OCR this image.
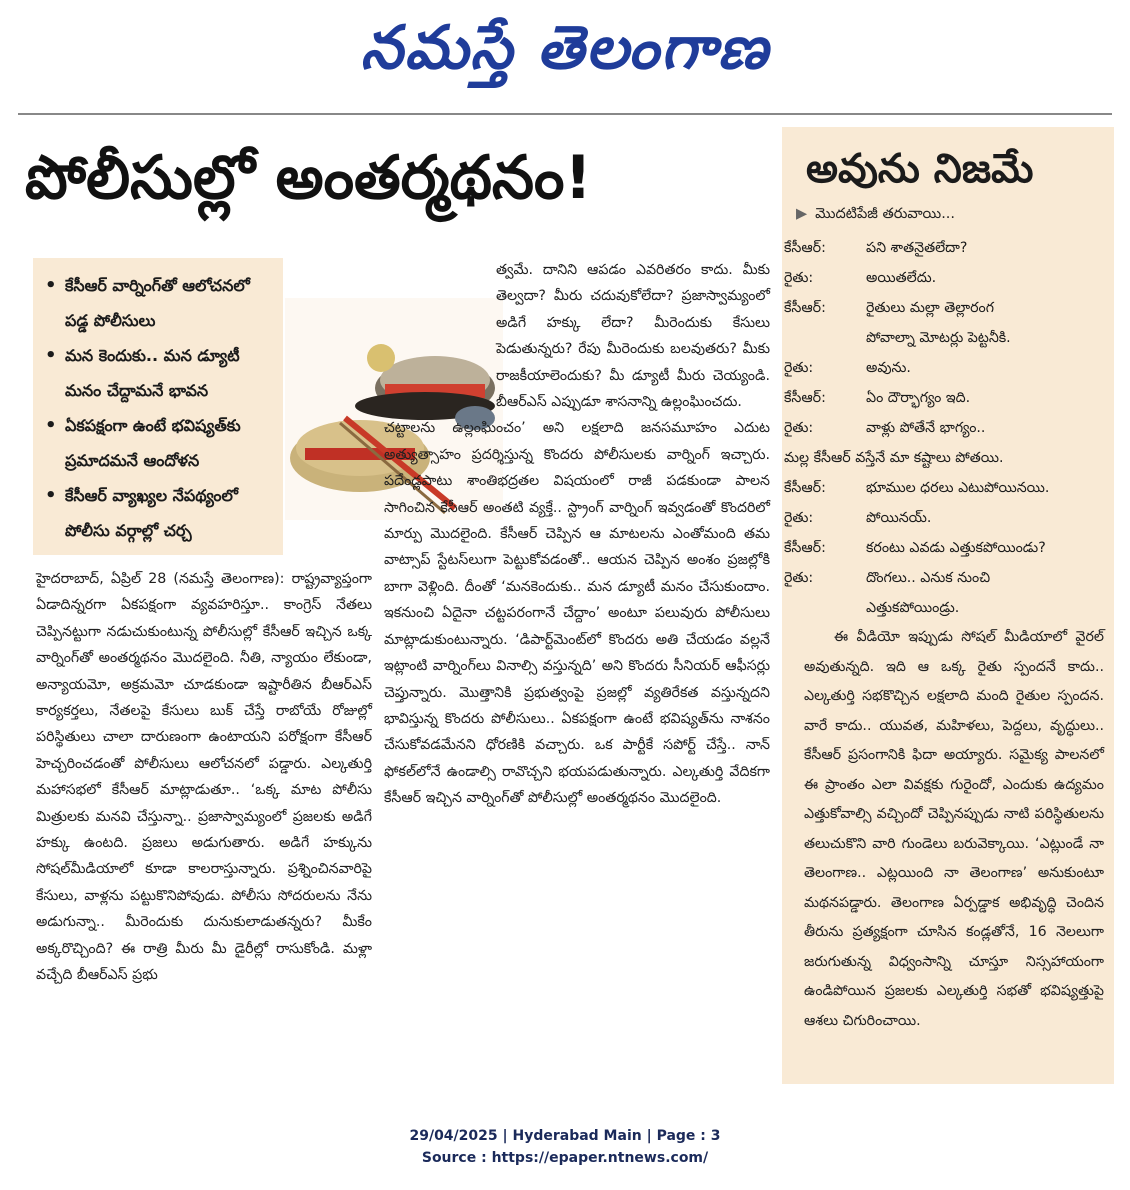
నమస్తే తెలంగాణ
పోలీసుల్లో అంతర్మథనం!
• కేసీఆర్ వార్నింగ్‌తో ఆలోచనలో పడ్డ పోలీసులు
• మన కెందుకు.. మన డ్యూటీ మనం చేద్దామనే భావన
• ఏకపక్షంగా ఉంటే భవిష్యత్‌కు ప్రమాదమనే ఆందోళన
• కేసీఆర్ వ్యాఖ్యల నేపథ్యంలో పోలీసు వర్గాల్లో చర్చ

హైదరాబాద్, ఏప్రిల్ 28 (నమస్తే తెలంగాణ): రాష్ట్రవ్యాప్తంగా ఏడాదిన్నరగా ఏకపక్షంగా వ్యవహరిస్తూ.. కాంగ్రెస్ నేతలు చెప్పినట్టుగా నడుచుకుంటున్న పోలీసుల్లో కేసీఆర్ ఇచ్చిన ఒక్క వార్నింగ్‌తో అంతర్మథనం మొదలైంది. నీతి, న్యాయం లేకుండా, అన్యాయమో, అక్రమమో చూడకుండా ఇష్టారీతిన బీఆర్‌ఎస్ కార్యకర్తలు, నేతలపై కేసులు బుక్ చేస్తే రాబోయే రోజుల్లో పరిస్థితులు చాలా దారుణంగా ఉంటాయని పరోక్షంగా కేసీఆర్ హెచ్చరించడంతో పోలీసులు ఆలోచనలో పడ్డారు. ఎల్కతుర్తి మహాసభలో కేసీఆర్ మాట్లాడుతూ.. ‘ఒక్క మాట పోలీసు మిత్రులకు మనవి చేస్తున్నా.. ప్రజాస్వామ్యంలో ప్రజలకు అడిగే హక్కు ఉంటది. ప్రజలు అడుగుతారు. అడిగే హక్కును సోషల్‌మీడియాలో కూడా కాలరాస్తున్నారు. ప్రశ్నించినవారిపై కేసులు, వాళ్లను పట్టుకొనిపోవుడు. పోలీసు సోదరులను నేను అడుగున్నా.. మీరెందుకు దునుకులాడుతన్నరు? మీకేం అక్కరొచ్చింది? ఈ రాత్రి మీరు మీ డైరీల్లో రాసుకోండి. మళ్లా వచ్చేది బీఆర్‌ఎస్ ప్రభు

త్వమే. దానిని ఆపడం ఎవరితరం కాదు. మీకు తెల్వదా? మీరు చదువుకోలేదా? ప్రజాస్వామ్యంలో అడిగే హక్కు లేదా? మీరెందుకు కేసులు పెడుతున్నరు? రేపు మీరెందుకు బలవుతరు? మీకు రాజకీయాలెందుకు? మీ డ్యూటీ మీరు చెయ్యండి. బీఆర్‌ఎస్ ఎప్పుడూ శాసనాన్ని ఉల్లంఘించదు.

చట్టాలను ఉల్లంఘించం’ అని లక్షలాది జనసమూహం ఎదుట అత్యుత్సాహం ప్రదర్శిస్తున్న కొందరు పోలీసులకు వార్నింగ్ ఇచ్చారు. పదేండ్లపాటు శాంతిభద్రతల విషయంలో రాజీ పడకుండా పాలన సాగించిన కేసీఆర్ అంతటి వ్యక్తే.. స్ట్రాంగ్ వార్నింగ్ ఇవ్వడంతో కొందరిలో మార్పు మొదలైంది. కేసీఆర్ చెప్పిన ఆ మాటలను ఎంతోమంది తమ వాట్సాప్ స్టేటస్‌లుగా పెట్టుకోవడంతో.. ఆయన చెప్పిన అంశం ప్రజల్లోకి బాగా వెళ్లింది. దీంతో ‘మనకెందుకు.. మన డ్యూటీ మనం చేసుకుందాం. ఇకనుంచి ఏదైనా చట్టపరంగానే చేద్దాం’ అంటూ పలువురు పోలీసులు మాట్లాడుకుంటున్నారు. ‘డిపార్ట్‌మెంట్‌లో కొందరు అతి చేయడం వల్లనే ఇట్లాంటి వార్నింగ్‌లు వినాల్సి వస్తున్నది’ అని కొందరు సీనియర్ ఆఫీసర్లు చెప్తున్నారు. మొత్తానికి ప్రభుత్వంపై ప్రజల్లో వ్యతిరేకత వస్తున్నదని భావిస్తున్న కొందరు పోలీసులు.. ఏకపక్షంగా ఉంటే భవిష్యత్‌ను నాశనం చేసుకోవడమేనని ధోరణికి వచ్చారు. ఒక పార్టీకే సపోర్ట్ చేస్తే.. నాన్ ఫోకల్‌లోనే ఉండాల్సి రావొచ్చని భయపడుతున్నారు. ఎల్కతుర్తి వేదికగా కేసీఆర్ ఇచ్చిన వార్నింగ్‌తో పోలీసుల్లో అంతర్మథనం మొదలైంది.

అవును నిజమే
▶ మొదటిపేజీ తరువాయి...
కేసీఆర్:	పని శాతనైతలేదా?
రైతు:	అయితలేదు.
కేసీఆర్:	రైతులు మల్లా తెల్లారంగ
పోవాల్నా మోటర్లు పెట్టనీకి.
రైతు:	అవును.
కేసీఆర్:	ఏం దౌర్భాగ్యం ఇది.
రైతు:	వాళ్లు పోతేనే భాగ్యం..
మల్ల కేసీఆర్ వస్తేనే మా కష్టాలు పోతయి.
కేసీఆర్:	భూముల ధరలు ఎటుపోయినయి.
రైతు:	పోయినయ్.
కేసీఆర్:	కరంటు ఎవడు ఎత్తుకపోయిండు?
రైతు:	దొంగలు.. ఎనుక నుంచి
ఎత్తుకపోయిండ్రు.

ఈ వీడియో ఇప్పుడు సోషల్ మీడియాలో వైరల్ అవుతున్నది. ఇది ఆ ఒక్క రైతు స్పందనే కాదు.. ఎల్కతుర్తి సభకొచ్చిన లక్షలాది మంది రైతుల స్పందన. వారే కాదు.. యువత, మహిళలు, పెద్దలు, వృద్ధులు.. కేసీఆర్ ప్రసంగానికి ఫిదా అయ్యారు. సమైక్య పాలనలో ఈ ప్రాంతం ఎలా వివక్షకు గురైందో, ఎందుకు ఉద్యమం ఎత్తుకోవాల్సి వచ్చిందో చెప్పినప్పుడు నాటి పరిస్థితులను తలుచుకొని వారి గుండెలు బరువెక్కాయి. ‘ఎట్లుండే నా తెలంగాణ.. ఎట్లయింది నా తెలంగాణ’ అనుకుంటూ మథనపడ్డారు. తెలంగాణ ఏర్పడ్డాక అభివృద్ధి చెందిన తీరును ప్రత్యక్షంగా చూసిన కండ్లతోనే, 16 నెలలుగా జరుగుతున్న విధ్వంసాన్ని చూస్తూ నిస్సహాయంగా ఉండిపోయిన ప్రజలకు ఎల్కతుర్తి సభతో భవిష్యత్తుపై ఆశలు చిగురించాయి.

29/04/2025 | Hyderabad Main | Page : 3
Source : https://epaper.ntnews.com/
